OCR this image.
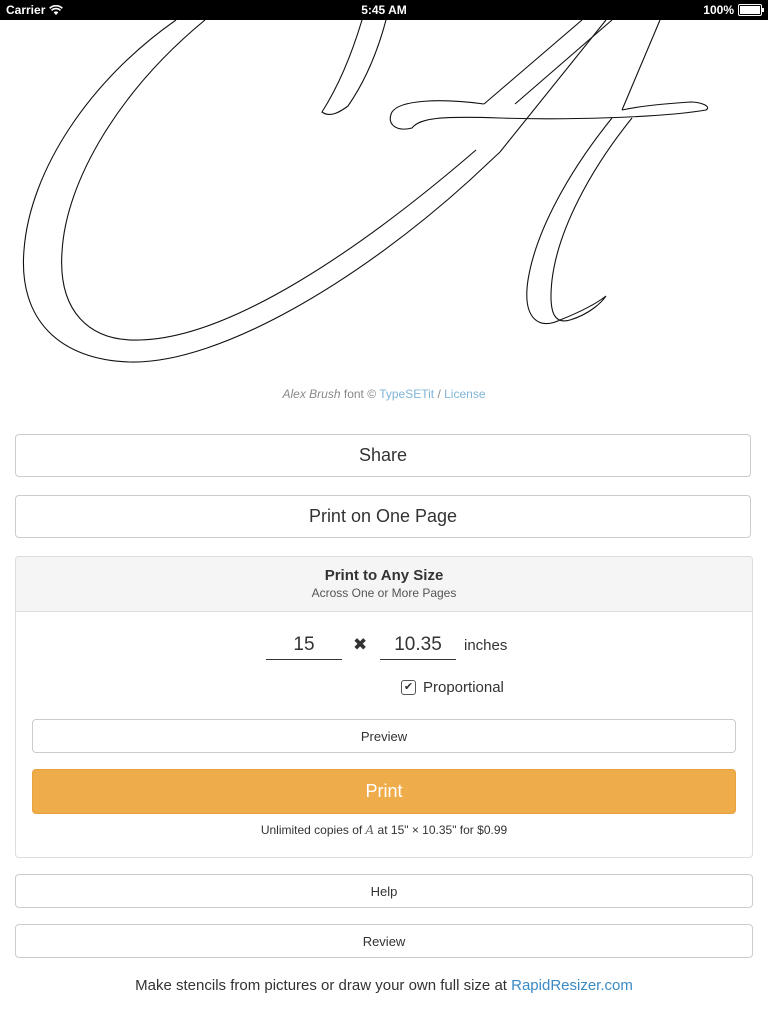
Carrier	5:45 AM	100%
Alex Brush font © TypeSETit / License
Share
Print on One Page
Print to Any Size
Across One or More Pages
15
✖
10.35	inches
✔ Proportional
Preview
Print
Unlimited copies of A at 15" × 10.35" for $0.99
Help
Review
Make stencils from pictures or draw your own full size at RapidResizer.com
